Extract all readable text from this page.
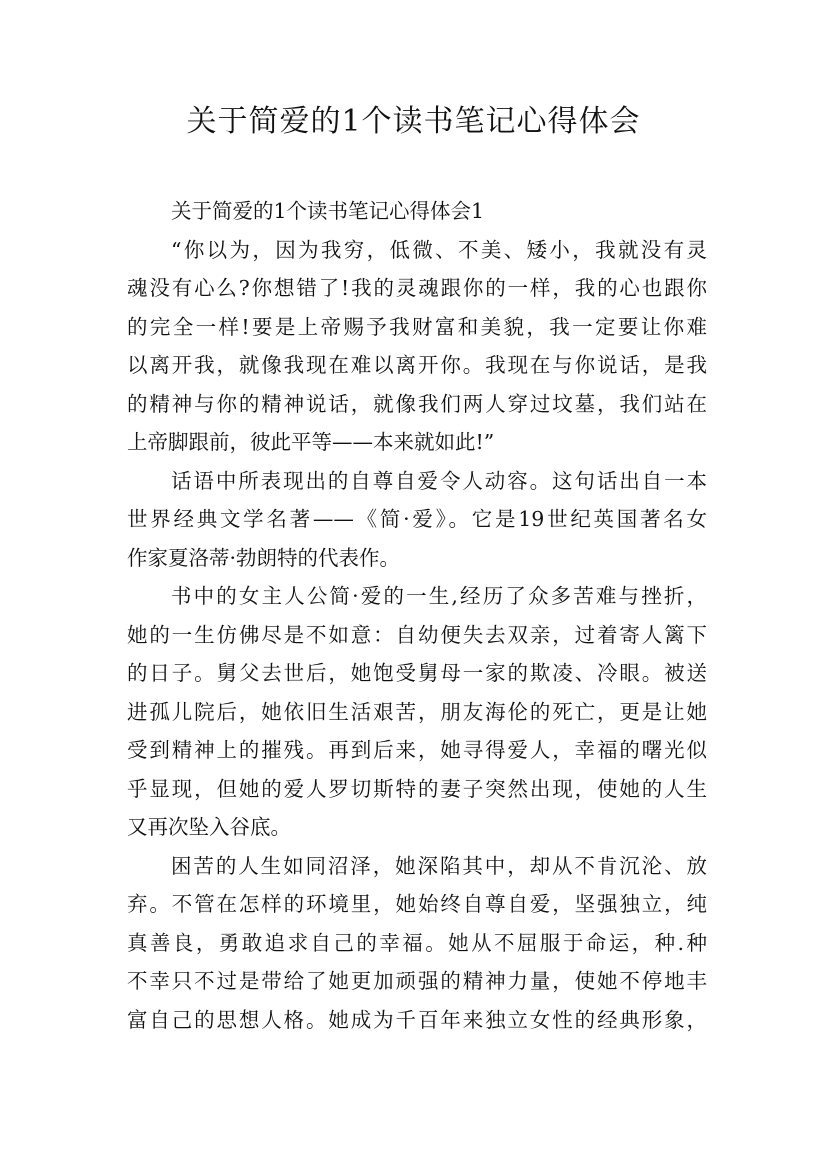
关于简爱的1个读书笔记心得体会
关于简爱的1个读书笔记心得体会1
“你以为，因为我穷，低微、不美、矮小，我就没有灵
魂没有心么?你想错了!我的灵魂跟你的一样，我的心也跟你
的完全一样!要是上帝赐予我财富和美貌，我一定要让你难
以离开我，就像我现在难以离开你。我现在与你说话，是我
的精神与你的精神说话，就像我们两人穿过坟墓，我们站在
上帝脚跟前，彼此平等——本来就如此!”
话语中所表现出的自尊自爱令人动容。这句话出自一本
世界经典文学名著——《简·爱》。它是19世纪英国著名女
作家夏洛蒂·勃朗特的代表作。
书中的女主人公简·爱的一生,经历了众多苦难与挫折，
她的一生仿佛尽是不如意：自幼便失去双亲，过着寄人篱下
的日子。舅父去世后，她饱受舅母一家的欺凌、冷眼。被送
进孤儿院后，她依旧生活艰苦，朋友海伦的死亡，更是让她
受到精神上的摧残。再到后来，她寻得爱人，幸福的曙光似
乎显现，但她的爱人罗切斯特的妻子突然出现，使她的人生
又再次坠入谷底。
困苦的人生如同沼泽，她深陷其中，却从不肯沉沦、放
弃。不管在怎样的环境里，她始终自尊自爱，坚强独立，纯
真善良，勇敢追求自己的幸福。她从不屈服于命运，种.种
不幸只不过是带给了她更加顽强的精神力量，使她不停地丰
富自己的思想人格。她成为千百年来独立女性的经典形象，
